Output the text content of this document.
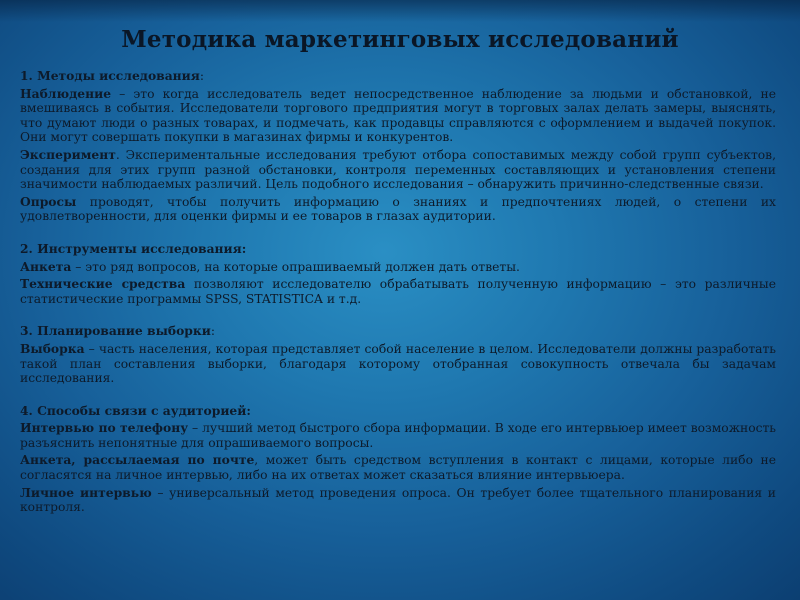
Методика маркетинговых исследований

1. Методы исследования:

Наблюдение – это когда исследователь ведет непосредственное наблюдение за людьми и обстановкой, не вмешиваясь в события. Исследователи торгового предприятия могут в торговых залах делать замеры, выяснять, что думают люди о разных товарах, и подмечать, как продавцы справляются с оформлением и выдачей покупок. Они могут совершать покупки в магазинах фирмы и конкурентов.

Эксперимент. Экспериментальные исследования требуют отбора сопоставимых между собой групп субъектов, создания для этих групп разной обстановки, контроля переменных составляющих и установления степени значимости наблюдаемых различий. Цель подобного исследования – обнаружить причинно-следственные связи.

Опросы проводят, чтобы получить информацию о знаниях и предпочтениях людей, о степени их удовлетворенности, для оценки фирмы и ее товаров в глазах аудитории.

2. Инструменты исследования:

Анкета – это ряд вопросов, на которые опрашиваемый должен дать ответы.

Технические средства позволяют исследователю обрабатывать полученную информацию – это различные статистические программы SPSS, STATISTICA и т.д.

3. Планирование выборки:

Выборка – часть населения, которая представляет собой население в целом. Исследователи должны разработать такой план составления выборки, благодаря которому отобранная совокупность отвечала бы задачам исследования.

4. Способы связи с аудиторией:

Интервью по телефону – лучший метод быстрого сбора информации. В ходе его интервьюер имеет возможность разъяснить непонятные для опрашиваемого вопросы.

Анкета, рассылаемая по почте, может быть средством вступления в контакт с лицами, которые либо не согласятся на личное интервью, либо на их ответах может сказаться влияние интервьюера.

Личное интервью – универсальный метод проведения опроса. Он требует более тщательного планирования и контроля.
